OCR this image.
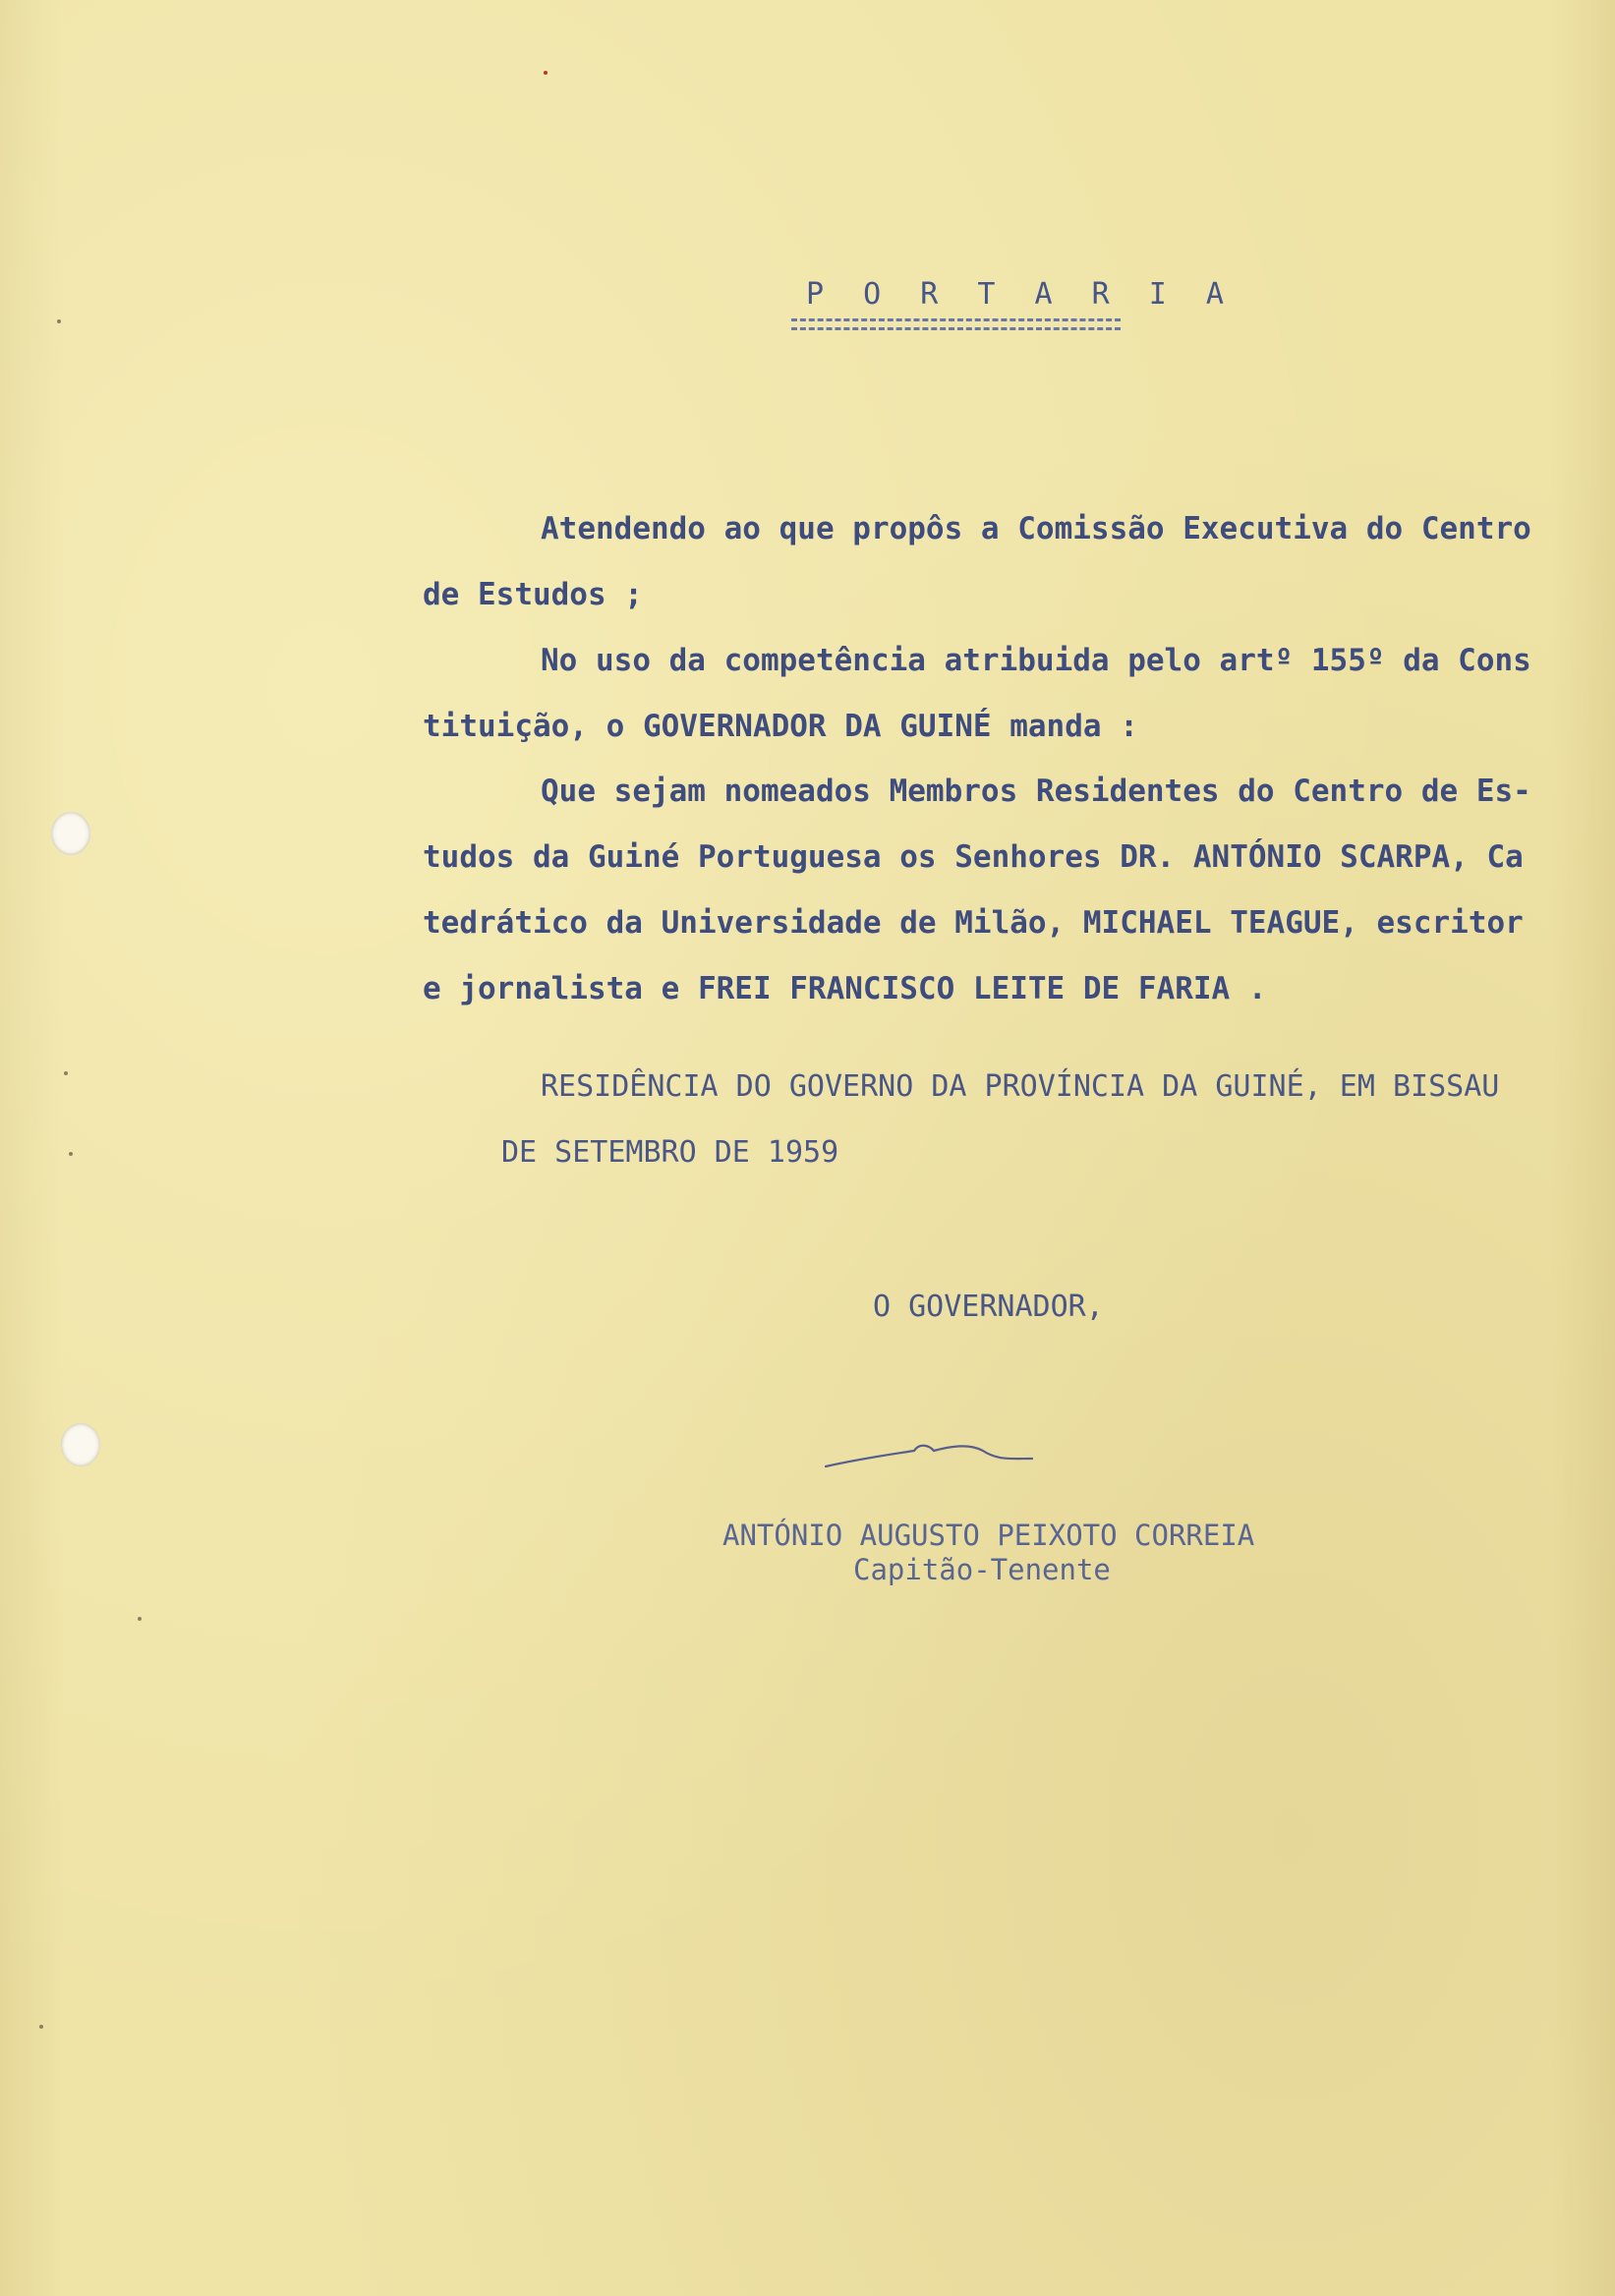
P O R T A R I A
Atendendo ao que propôs a Comissão Executiva do Centro
de Estudos ;
No uso da competência atribuida pelo artº 155º da Cons
tituição, o GOVERNADOR DA GUINÉ manda :
Que sejam nomeados Membros Residentes do Centro de Es-
tudos da Guiné Portuguesa os Senhores DR. ANTÓNIO SCARPA, Ca
tedrático da Universidade de Milão, MICHAEL TEAGUE, escritor
e jornalista e FREI FRANCISCO LEITE DE FARIA .
RESIDÊNCIA DO GOVERNO DA PROVÍNCIA DA GUINÉ, EM BISSAU
DE SETEMBRO DE 1959
O GOVERNADOR,
ANTÓNIO AUGUSTO PEIXOTO CORREIA
Capitão-Tenente
